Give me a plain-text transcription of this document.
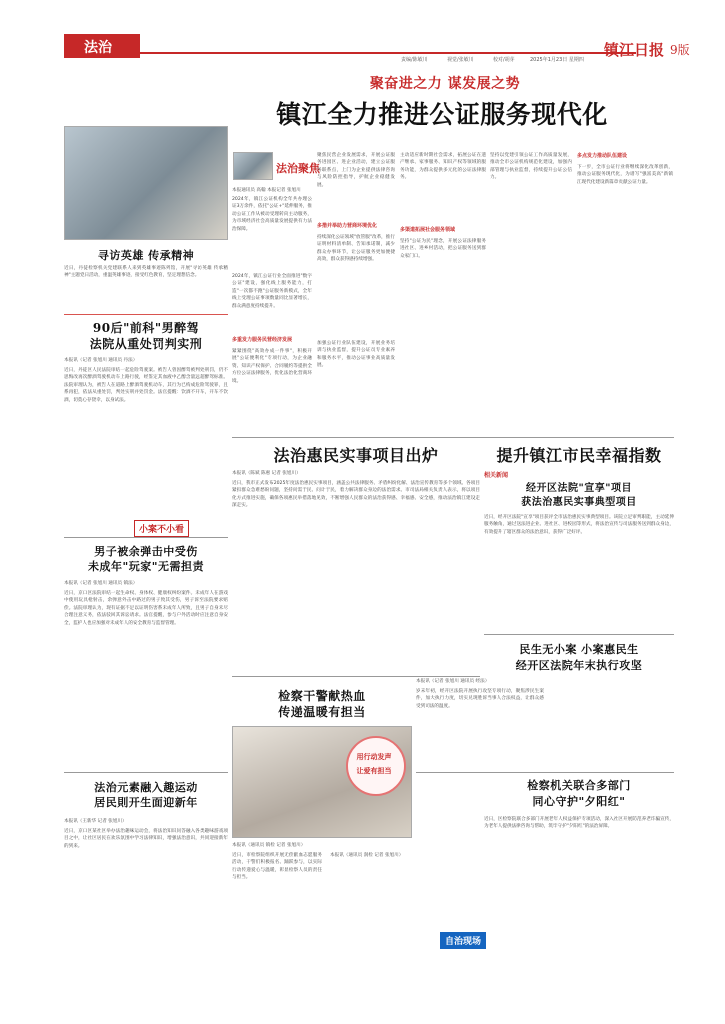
法治
责编/陈敏川	视觉/张敏川	校对/胡芽	2025年1月23日 星期四
镇江日报 9版
聚奋进之力 谋发展之势
镇江全力推进公证服务现代化
法治聚焦
本报通讯员 高翰 本报记者 张旭川
2024年，镇江公证机构全年共办理公证3万余件，依托"公证+"延伸服务，推动公证工作从被动受理转向主动服务，为市域经济社会高质量发展提供有力法治保障。
2024年，镇江公证行业全面推进"数字公证"建设，强化线上服务能力，打造"一次都不跑"公证服务新模式，全年线上受理公证事项数量同比显著增长，群众满意度持续提升。
多重发力服务民营经济发展
紧紧围绕"高效办成一件事"，积极开展"公证便利化"专项行动，为企业融资、知识产权保护、合同履约等提供全方位公证法律服务，优化法治化营商环境。
聚焦民营企业发展需求，开展公证服务进园区、进企业活动，建立公证服务联系点，上门为企业提供法律咨询与风险防控指导，护航企业稳健发展。
多措并举助力营商环境优化
持续深化公证领域"放管服"改革，推行证明材料清单制、告知承诺制，减少群众办事环节，让公证服务更加便捷高效，群众获得感持续增强。
加强公证行业队伍建设，开展业务培训与执业监督，提升公证员专业素养和服务水平，推动公证事业高质量发展。
主动适应新时期社会需求，拓展公证在遗产继承、家事服务、知识产权等领域的服务功能，为群众提供多元化的公证法律服务。
多渠道拓展社会服务领域
坚持"公证为民"理念，开展公证法律服务进社区、进乡村活动，把公证服务送到群众家门口。
多点发力推动队伍建设
坚持以党建引领公证工作高质量发展，推动全市公证机构规范化建设，加强内部管理与执业监督，持续提升公证公信力。
下一步，全市公证行业将继续深化改革创新，推动公证服务现代化，为谱写"强富美高"新镇江现代化建设新篇章贡献公证力量。
寻访英雄 传承精神
近日，丹徒检察机关党建联系人来到英雄事迹陈列馆，开展"寻访英雄 传承精神"主题党日活动，重温英雄事迹，接受红色教育，坚定理想信念。
90后"前科"男醉驾
法院从重处罚判实刑
本报讯（记者 张旭川 通讯员 丹法）
近日，丹徒区人民法院审结一起危险驾驶案。被告人曾因醉驾被判处刑罚，仍不思悔改再次醉酒驾驶机动车上路行驶，经鉴定其血液中乙醇含量远超醉驾标准。法院审理认为，被告人在道路上醉酒驾驶机动车，其行为已构成危险驾驶罪，且系再犯，依法从重处罚，判处实刑并处罚金。法官提醒：饮酒不开车，开车不饮酒，切莫心存侥幸，以身试法。
小案不小看
男子被余弹击中受伤
未成年"玩家"无需担责
本报讯（记者 张旭川 通讯员 镇法）
近日，京口区法院审结一起生命权、身体权、健康权纠纷案件。未成年人在游戏中使用玩具枪射击，余弹意外击中路过的男子致其受伤，男子诉至法院要求赔偿。法院审理认为，现有证据不足以证明伤害系未成年人所致，且男子自身未尽合理注意义务，依法驳回其诉讼请求。法官提醒，参与户外活动时应注意自身安全，监护人也应加强对未成年人的安全教育与监督管理。
法治元素融入趣运动
居民則开生面迎新年
本报讯（王新华 记者 张旭川）
近日，京口区某社区举办法治趣味运动会，将法治知识问答融入各类趣味游戏项目之中，让社区居民在欢乐氛围中学习法律知识，增强法治意识，共同迎接新年的到来。
法治惠民实事项目出炉
本报讯（陈斌 陈惠 记者 张旭川）
近日，我市正式发布2025年度法治惠民实事项目，涵盖公共法律服务、矛盾纠纷化解、法治宣传教育等多个领域。各项目紧扣群众急难愁盼问题，坚持问需于民、问计于民，着力解决群众身边的法治需求。市司法局相关负责人表示，将以项目化方式推进实施，确保各项惠民举措落地见效，不断增强人民群众的法治获得感、幸福感、安全感，推动法治镇江建设走深走实。
提升镇江市民幸福指数
相关新闻
经开区法院"宣享"项目
获法治惠民实事典型项目
近日，经开区法院"宣享"项目获评全市法治惠民实事典型项目。该院立足审判职能，主动延伸服务触角，通过送法进企业、进社区、进校园等形式，将法治宣传与司法服务送到群众身边，有效提升了辖区群众的法治意识，获得广泛好评。
检察干警献热血
传递温暖有担当
用行动发声
让爱有担当
本报讯（通讯员 镇检 记者 张旭川）
近日，市检察院组织开展无偿献血志愿服务活动，干警们积极报名、踊跃参与，以实际行动传递爱心与温暖，彰显检察人员的责任与担当。
自治现场
民生无小案 小案惠民生
经开区法院年末执行攻坚
本报讯（记者 张旭川 通讯员 经法）
岁末年初，经开区法院开展执行攻坚专项行动，聚焦涉民生案件，加大执行力度，切实兑现胜诉当事人合法权益，让群众感受到司法的温度。
检察机关联合多部门
同心守护"夕阳红"
本报讯（通讯员 润检 记者 张旭川）
近日，区检察院联合多部门开展老年人权益保护专项活动，深入社区开展防范养老诈骗宣传，为老年人提供法律咨询与帮助，筑牢守护"夕阳红"的法治屏障。
